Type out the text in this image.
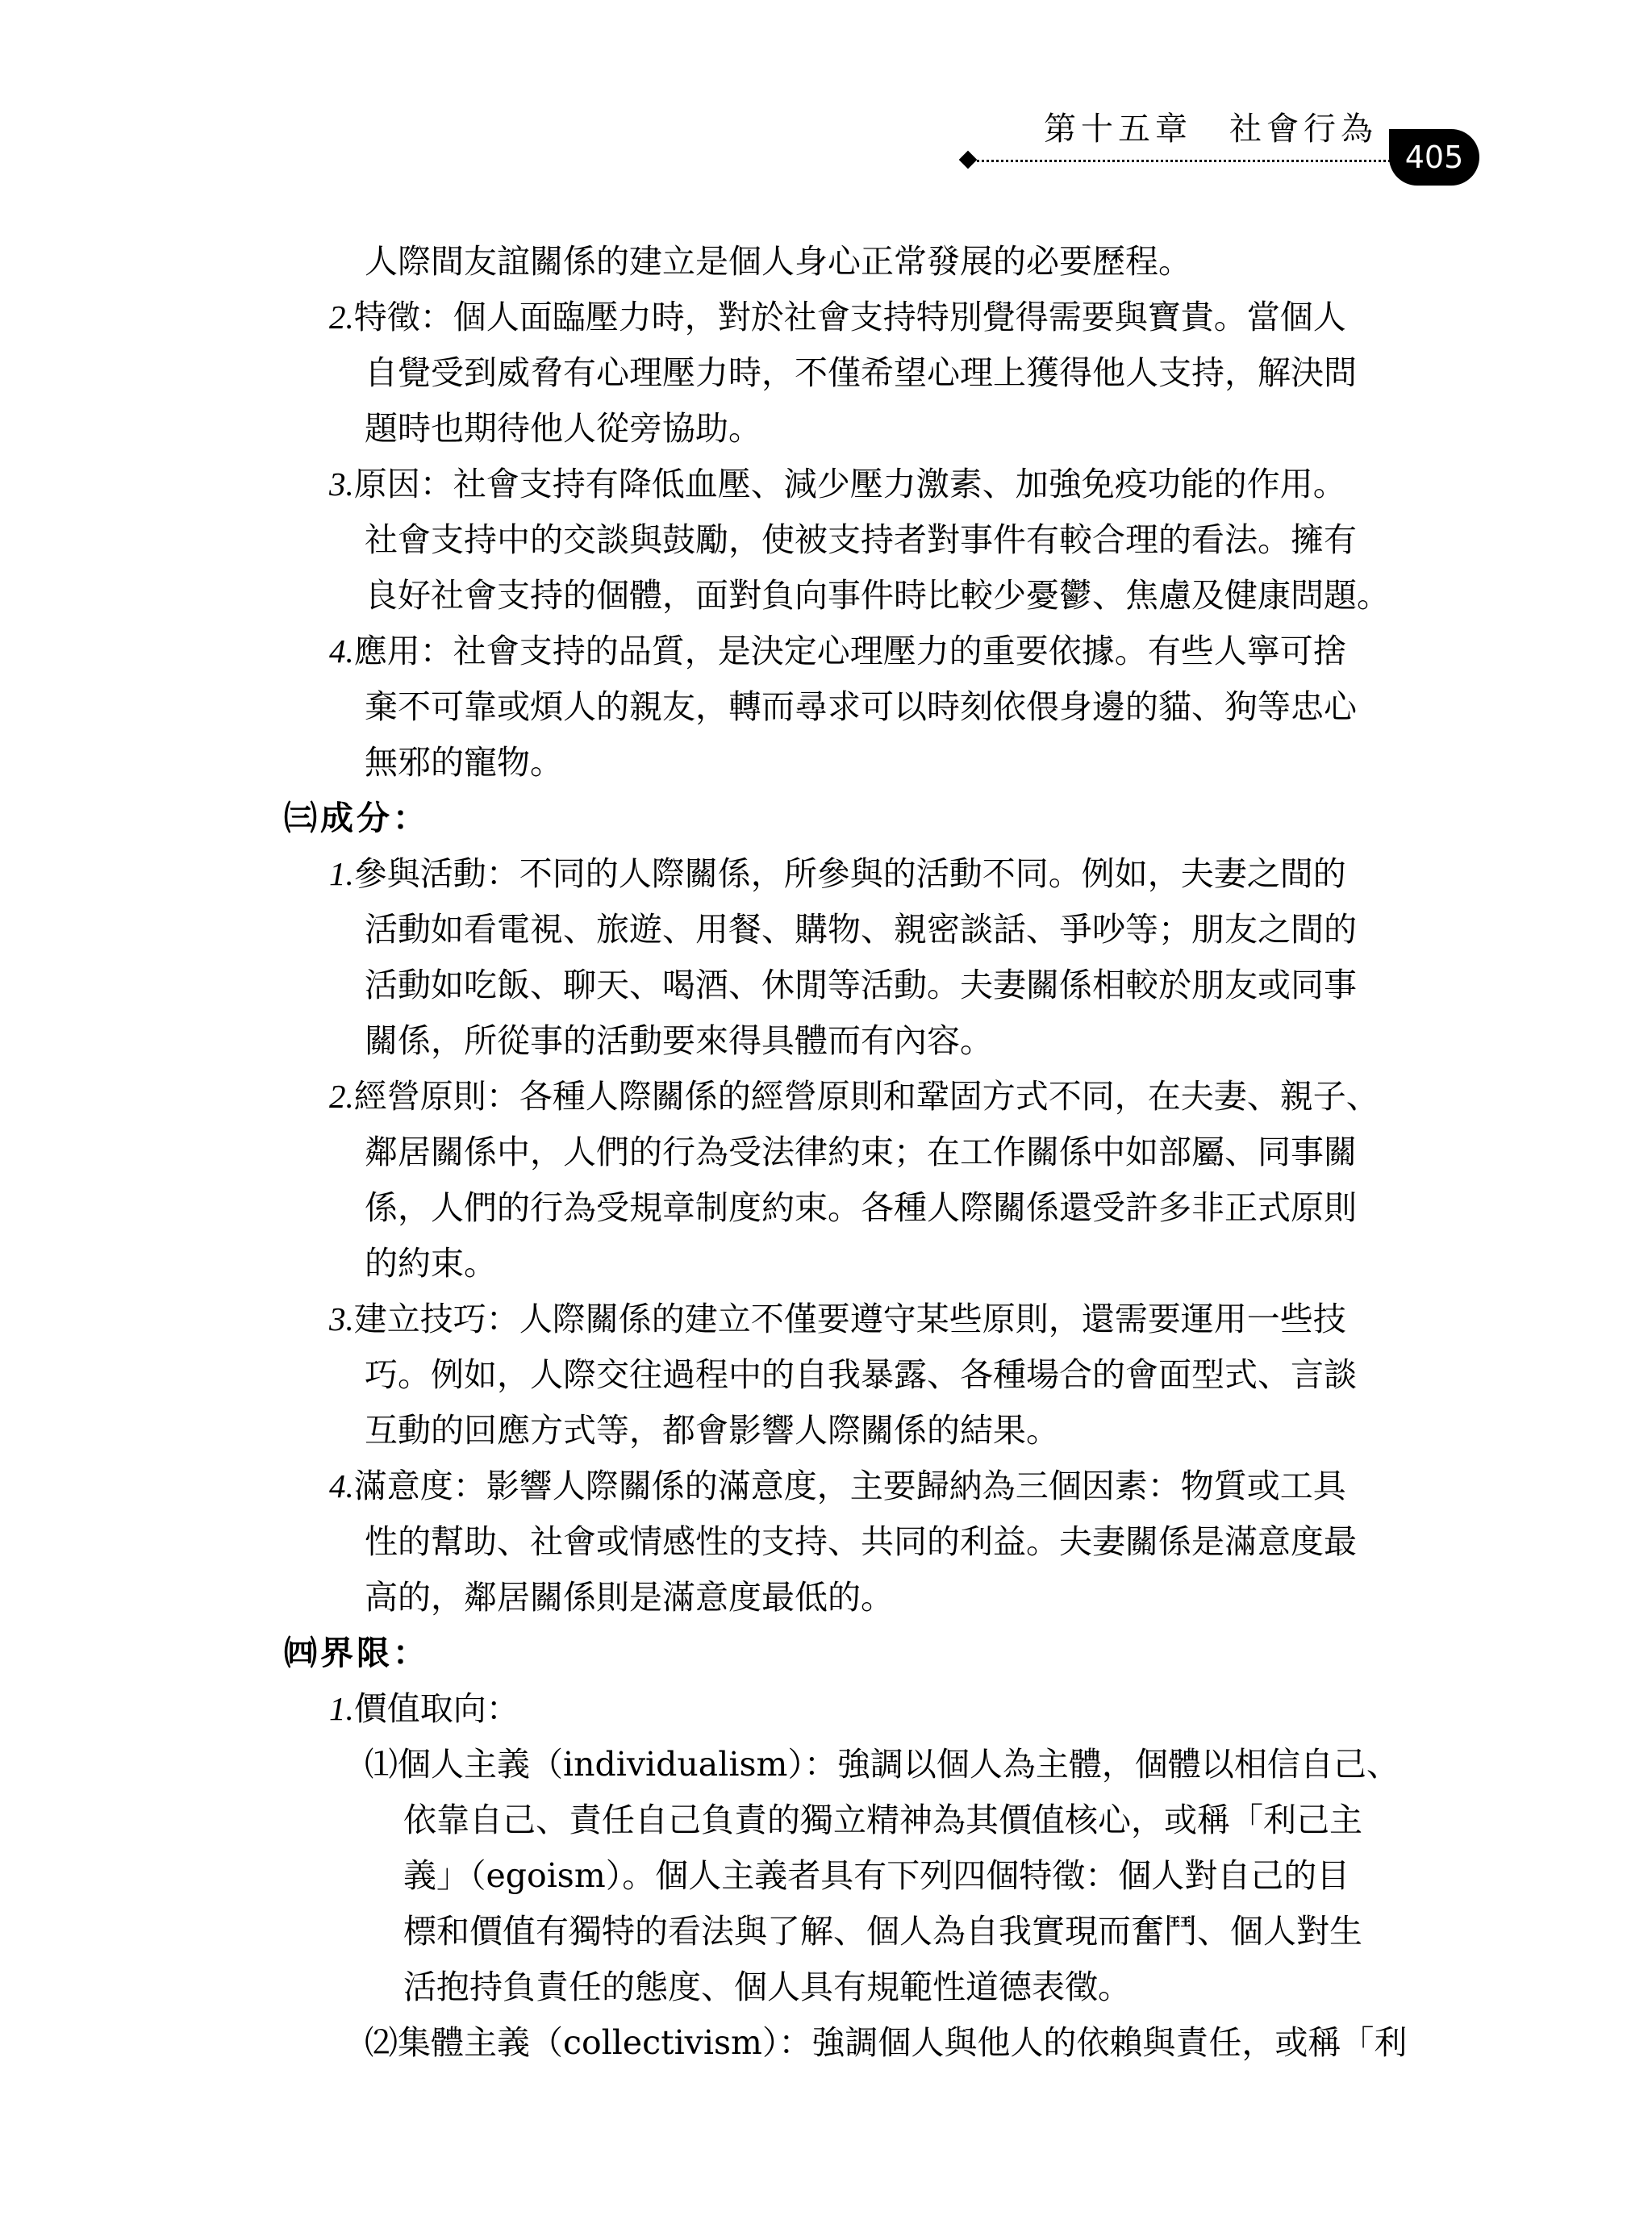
第十五章　社會行為
405
人際間友誼關係的建立是個人身心正常發展的必要歷程。
2.特徵：個人面臨壓力時，對於社會支持特別覺得需要與寶貴。當個人
自覺受到威脅有心理壓力時，不僅希望心理上獲得他人支持，解決問
題時也期待他人從旁協助。
3.原因：社會支持有降低血壓、減少壓力激素、加強免疫功能的作用。
社會支持中的交談與鼓勵，使被支持者對事件有較合理的看法。擁有
良好社會支持的個體，面對負向事件時比較少憂鬱、焦慮及健康問題。
4.應用：社會支持的品質，是決定心理壓力的重要依據。有些人寧可捨
棄不可靠或煩人的親友，轉而尋求可以時刻依偎身邊的貓、狗等忠心
無邪的寵物。
㈢成分：
1.參與活動：不同的人際關係，所參與的活動不同。例如，夫妻之間的
活動如看電視、旅遊、用餐、購物、親密談話、爭吵等；朋友之間的
活動如吃飯、聊天、喝酒、休閒等活動。夫妻關係相較於朋友或同事
關係，所從事的活動要來得具體而有內容。
2.經營原則：各種人際關係的經營原則和鞏固方式不同，在夫妻、親子、
鄰居關係中，人們的行為受法律約束；在工作關係中如部屬、同事關
係，人們的行為受規章制度約束。各種人際關係還受許多非正式原則
的約束。
3.建立技巧：人際關係的建立不僅要遵守某些原則，還需要運用一些技
巧。例如，人際交往過程中的自我暴露、各種場合的會面型式、言談
互動的回應方式等，都會影響人際關係的結果。
4.滿意度：影響人際關係的滿意度，主要歸納為三個因素：物質或工具
性的幫助、社會或情感性的支持、共同的利益。夫妻關係是滿意度最
高的，鄰居關係則是滿意度最低的。
㈣界限：
1.價值取向：
⑴個人主義（individualism）：強調以個人為主體，個體以相信自己、
依靠自己、責任自己負責的獨立精神為其價值核心，或稱「利己主
義」（egoism）。個人主義者具有下列四個特徵：個人對自己的目
標和價值有獨特的看法與了解、個人為自我實現而奮鬥、個人對生
活抱持負責任的態度、個人具有規範性道德表徵。
⑵集體主義（collectivism）：強調個人與他人的依賴與責任，或稱「利
